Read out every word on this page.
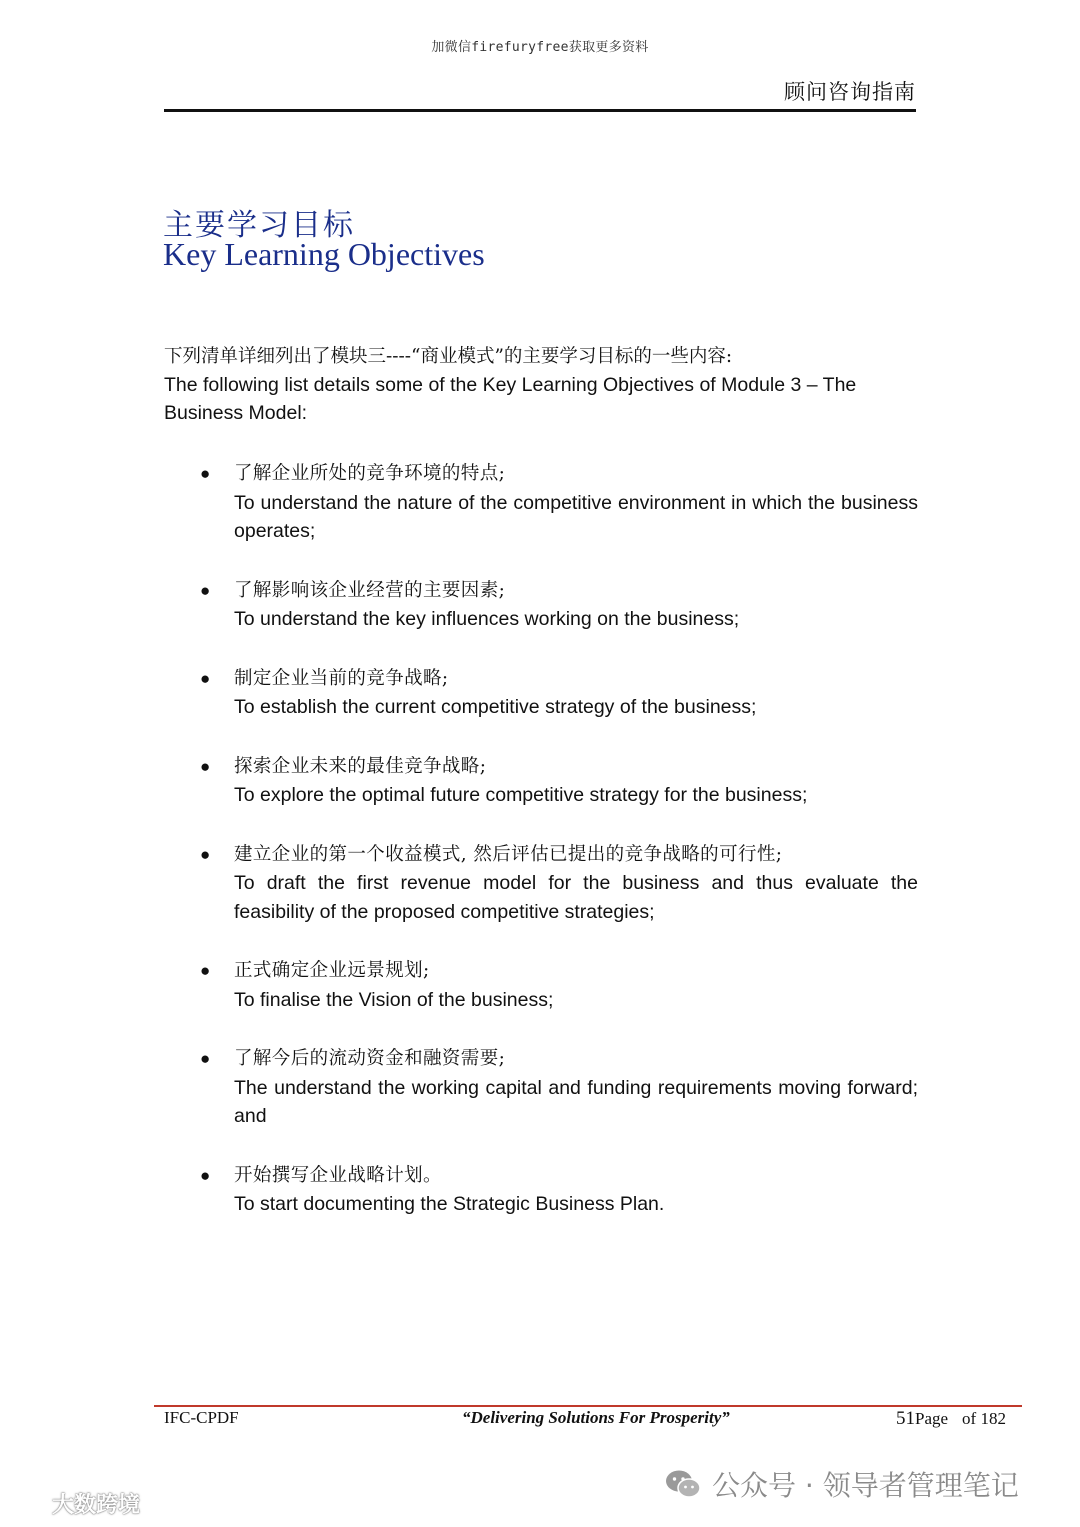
加微信firefuryfree获取更多资料
顾问咨询指南
主要学习目标
Key Learning Objectives
下列清单详细列出了模块三----“商业模式”的主要学习目标的一些内容:
The following list details some of the Key Learning Objectives of Module 3 – The Business Model:
● 了解企业所处的竞争环境的特点;
To understand the nature of the competitive environment in which the business operates;
● 了解影响该企业经营的主要因素;
To understand the key influences working on the business;
● 制定企业当前的竞争战略;
To establish the current competitive strategy of the business;
● 探索企业未来的最佳竞争战略;
To explore the optimal future competitive strategy for the business;
● 建立企业的第一个收益模式, 然后评估已提出的竞争战略的可行性;
To draft the first revenue model for the business and thus evaluate the feasibility of the proposed competitive strategies;
● 正式确定企业远景规划;
To finalise the Vision of the business;
● 了解今后的流动资金和融资需要;
The understand the working capital and funding requirements moving forward; and
● 开始撰写企业战略计划。
To start documenting the Strategic Business Plan.
IFC-CPDF	“Delivering Solutions For Prosperity”	51Page of 182
公众号 · 领导者管理笔记
大数跨境
